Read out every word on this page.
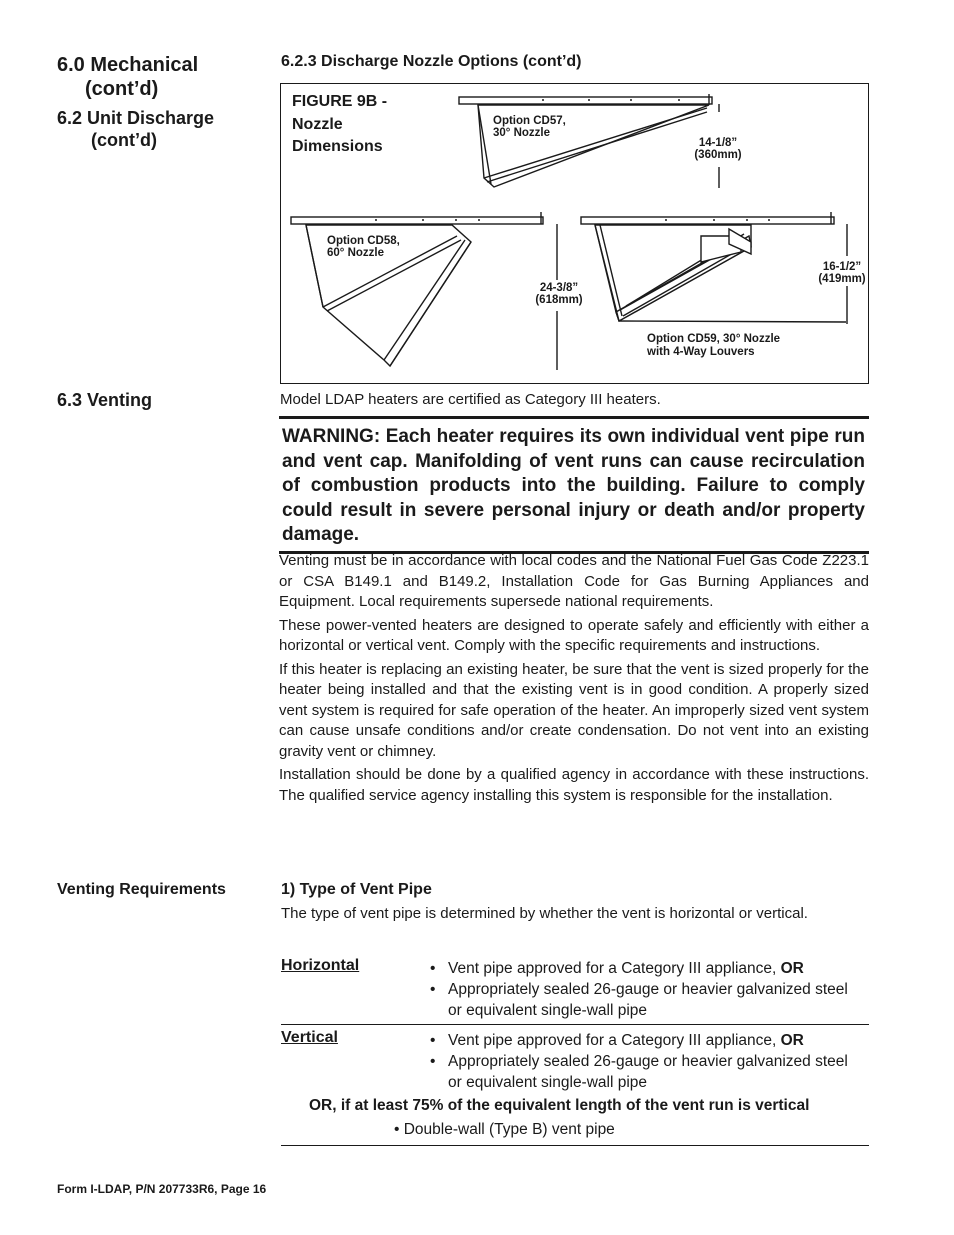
6.0 Mechanical
(cont’d)
6.2 Unit Discharge
(cont’d)
6.3 Venting
Venting Requirements
6.2.3 Discharge Nozzle Options (cont’d)
FIGURE 9B -
Nozzle
Dimensions
Option CD57,
30° Nozzle
14-1/8”
(360mm)
Option CD58,
60° Nozzle
24-3/8”
(618mm)
16-1/2”
(419mm)
Option CD59, 30° Nozzle
with 4-Way Louvers
Model LDAP heaters are certified as Category III heaters.
WARNING: Each heater requires its own individual vent pipe run and vent cap. Manifolding of vent runs can cause recirculation of combustion products into the building. Failure to comply could result in severe personal injury or death and/or property damage.

Venting must be in accordance with local codes and the National Fuel Gas Code Z223.1 or CSA B149.1 and B149.2, Installation Code for Gas Burning Appliances and Equipment. Local requirements supersede national requirements.

These power-vented heaters are designed to operate safely and efficiently with either a horizontal or vertical vent. Comply with the specific requirements and instructions.

If this heater is replacing an existing heater, be sure that the vent is sized properly for the heater being installed and that the existing vent is in good condition. A properly sized vent system is required for safe operation of the heater. An improperly sized vent system can cause unsafe conditions and/or create condensation. Do not vent into an existing gravity vent or chimney.

Installation should be done by a qualified agency in accordance with these instructions. The qualified service agency installing this system is responsible for the installation.

1) Type of Vent Pipe
The type of vent pipe is determined by whether the vent is horizontal or vertical.
Horizontal	• Vent pipe approved for a Category III appliance, OR
• Appropriately sealed 26-gauge or heavier galvanized steel or equivalent single-wall pipe
Vertical	• Vent pipe approved for a Category III appliance, OR
• Appropriately sealed 26-gauge or heavier galvanized steel or equivalent single-wall pipe
OR, if at least 75% of the equivalent length of the vent run is vertical
• Double-wall (Type B) vent pipe
Form I-LDAP, P/N 207733R6, Page 16
